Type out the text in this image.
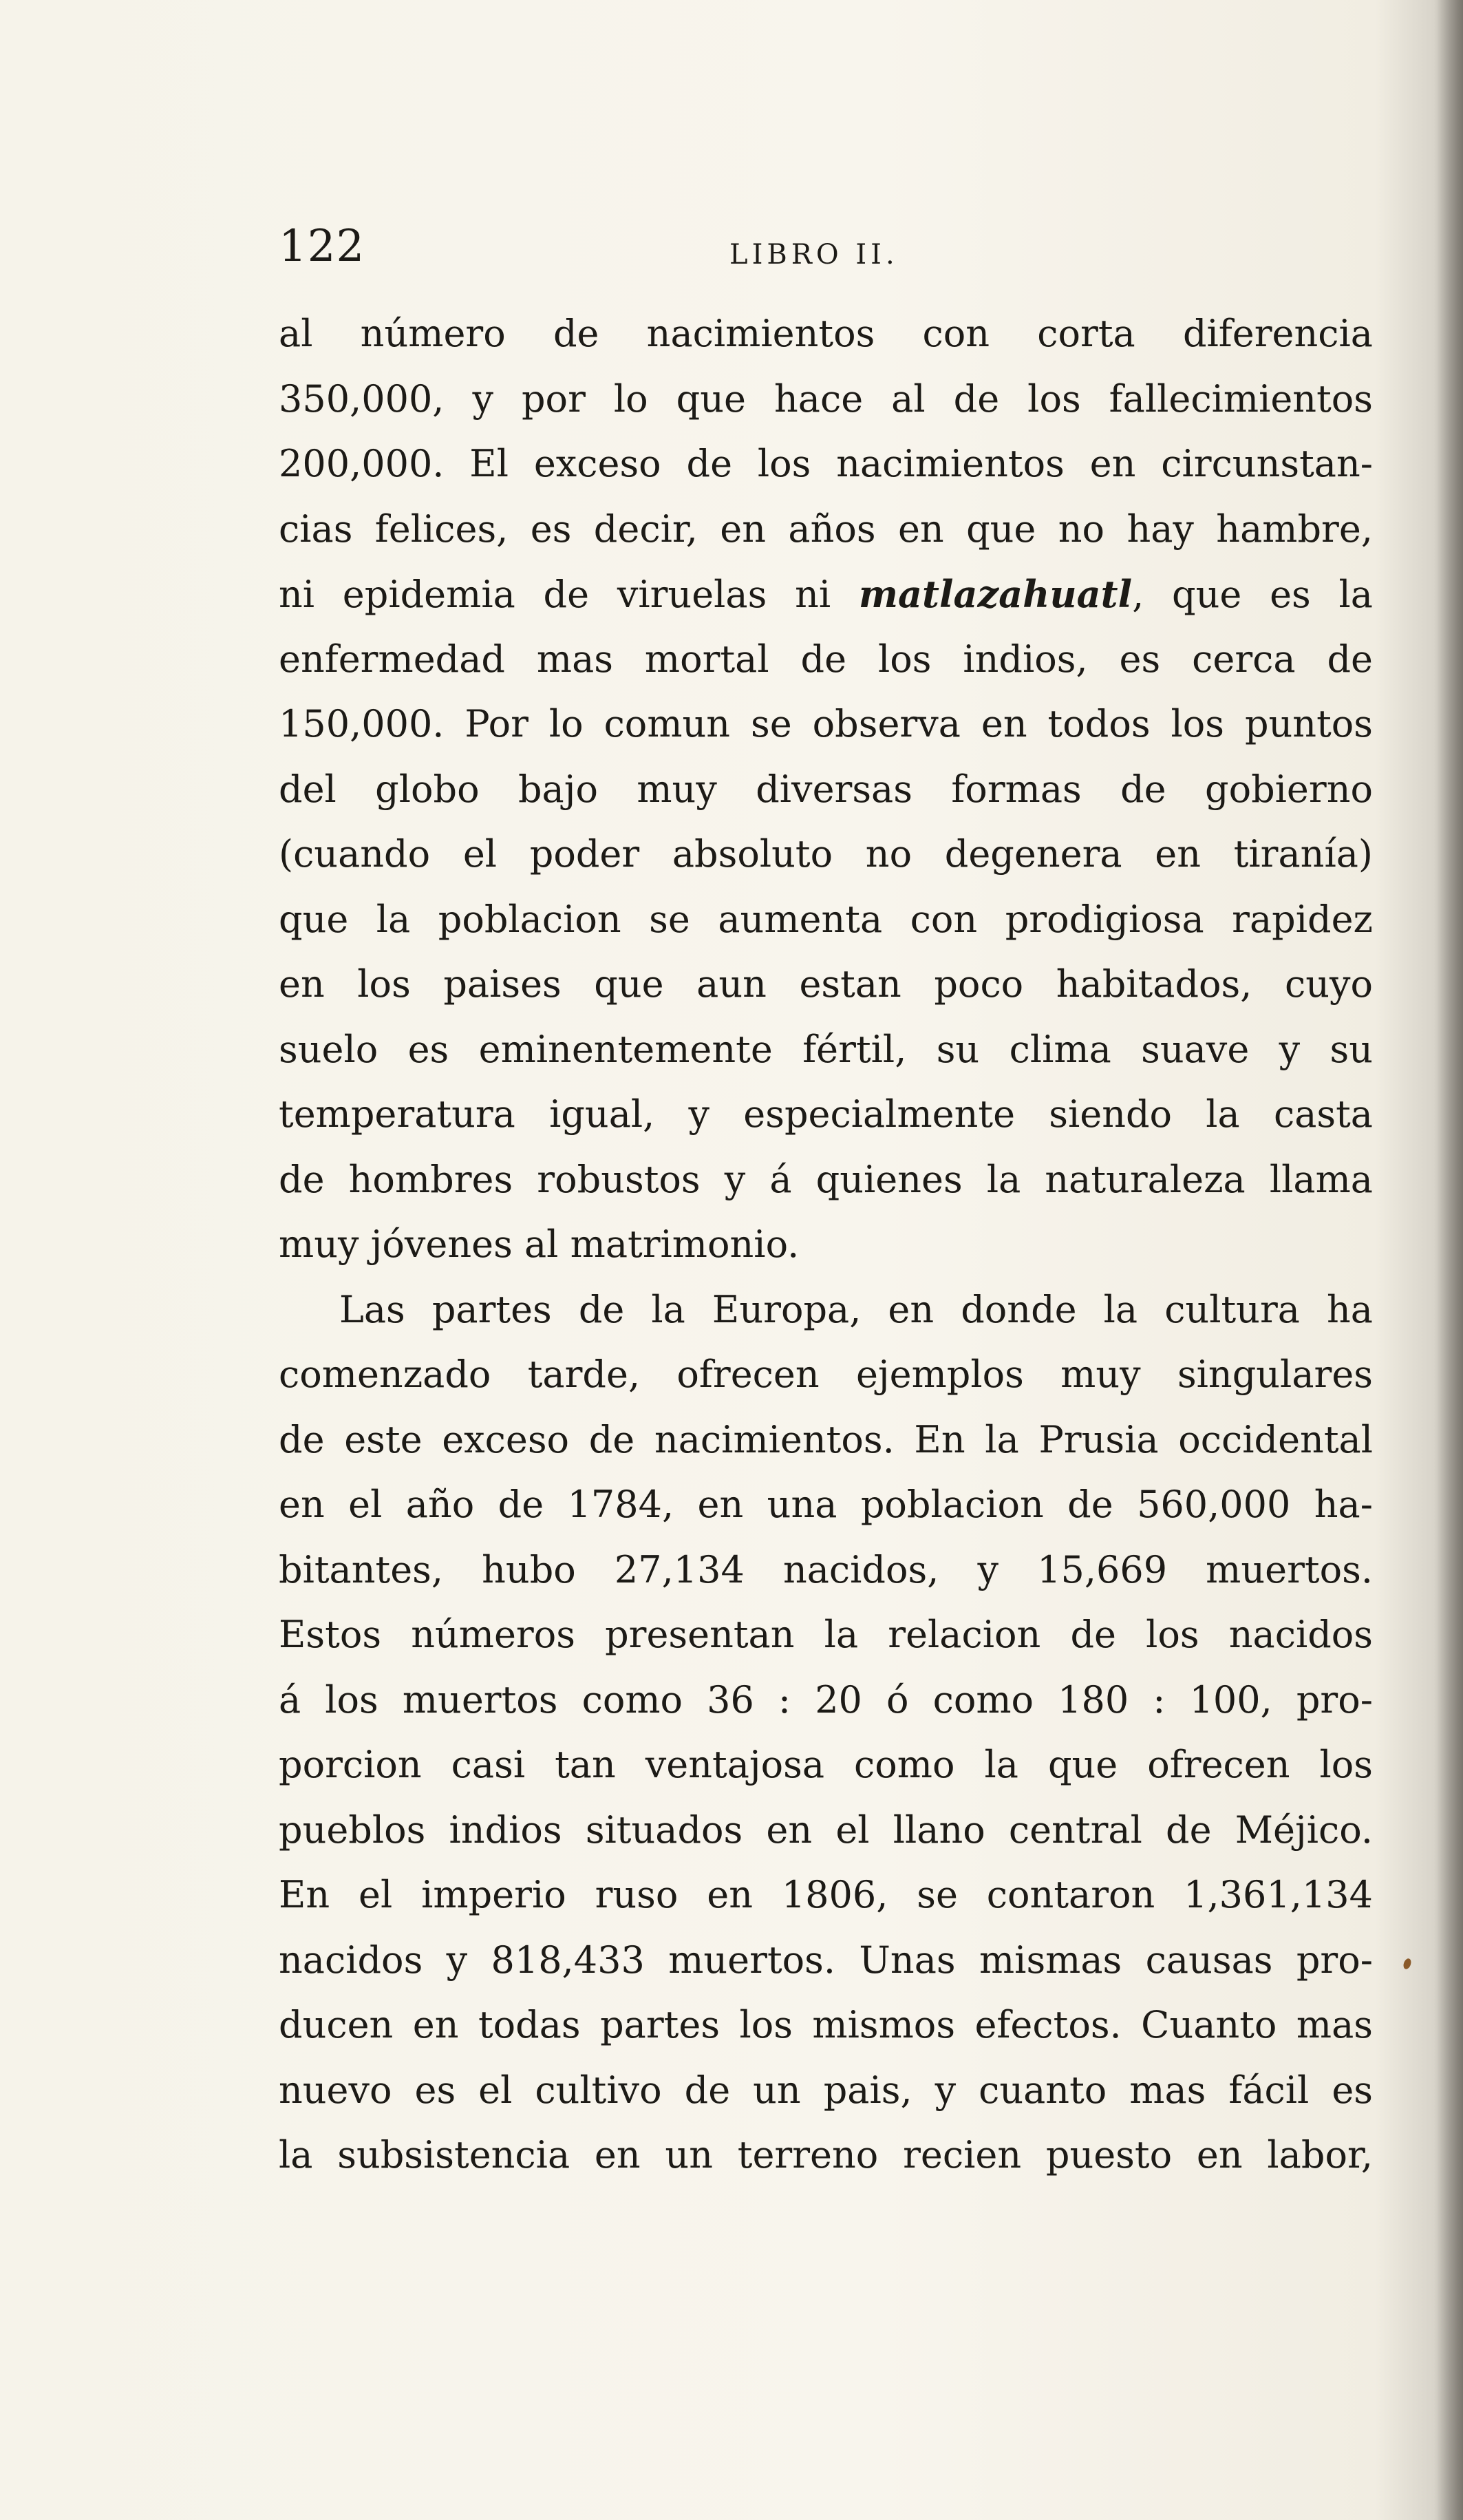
122	LIBRO II.
al número de nacimientos con corta diferencia
350,000, y por lo que hace al de los fallecimientos
200,000. El exceso de los nacimientos en circunstan-
cias felices, es decir, en años en que no hay hambre,
ni epidemia de viruelas ni matlazahuatl, que es la
enfermedad mas mortal de los indios, es cerca de
150,000. Por lo comun se observa en todos los puntos
del globo bajo muy diversas formas de gobierno
(cuando el poder absoluto no degenera en tiranía)
que la poblacion se aumenta con prodigiosa rapidez
en los paises que aun estan poco habitados, cuyo
suelo es eminentemente fértil, su clima suave y su
temperatura igual, y especialmente siendo la casta
de hombres robustos y á quienes la naturaleza llama
muy jóvenes al matrimonio.
Las partes de la Europa, en donde la cultura ha
comenzado tarde, ofrecen ejemplos muy singulares
de este exceso de nacimientos. En la Prusia occidental
en el año de 1784, en una poblacion de 560,000 ha-
bitantes, hubo 27,134 nacidos, y 15,669 muertos.
Estos números presentan la relacion de los nacidos
á los muertos como 36 : 20 ó como 180 : 100, pro-
porcion casi tan ventajosa como la que ofrecen los
pueblos indios situados en el llano central de Méjico.
En el imperio ruso en 1806, se contaron 1,361,134
nacidos y 818,433 muertos. Unas mismas causas pro-
ducen en todas partes los mismos efectos. Cuanto mas
nuevo es el cultivo de un pais, y cuanto mas fácil es
la subsistencia en un terreno recien puesto en labor,
